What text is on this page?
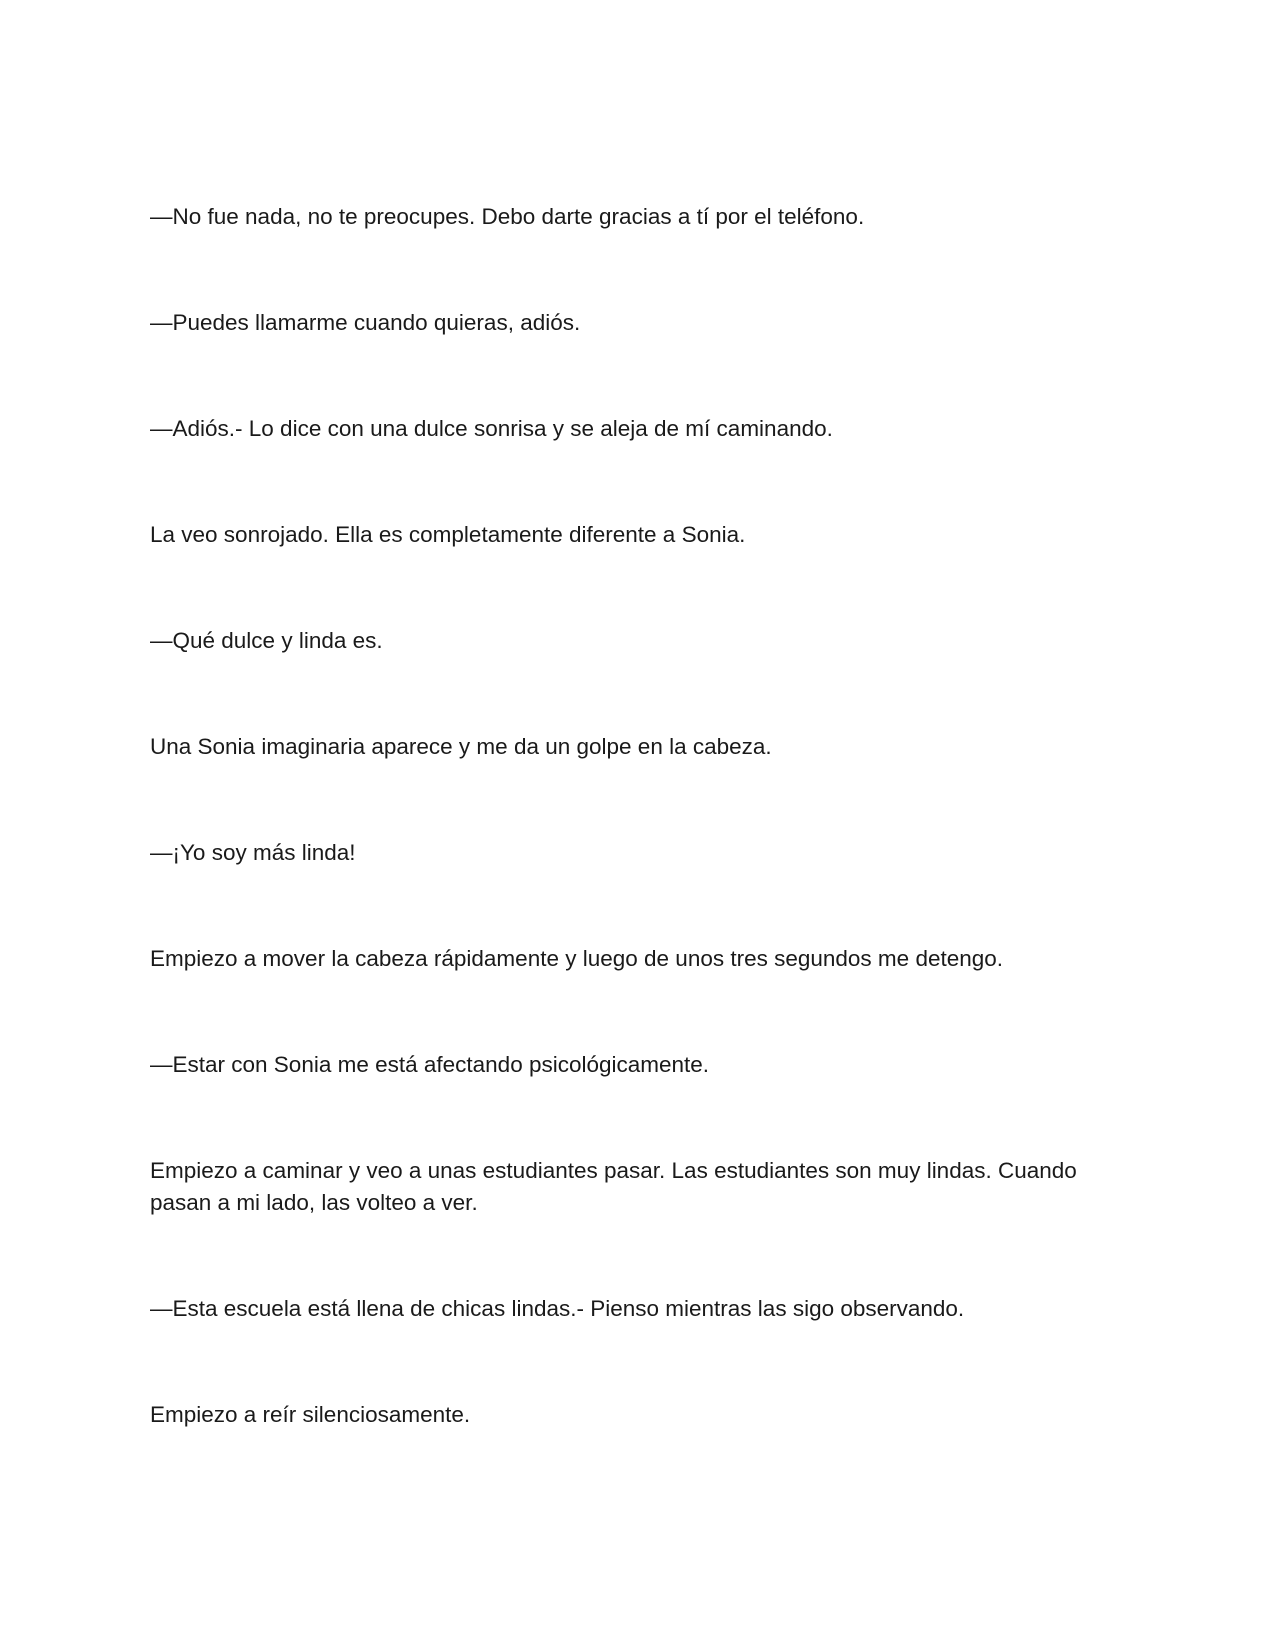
—No fue nada, no te preocupes. Debo darte gracias a tí por el teléfono.

—Puedes llamarme cuando quieras, adiós.

—Adiós.- Lo dice con una dulce sonrisa y se aleja de mí caminando.

La veo sonrojado. Ella es completamente diferente a Sonia.

—Qué dulce y linda es.

Una Sonia imaginaria aparece y me da un golpe en la cabeza.

—¡Yo soy más linda!

Empiezo a mover la cabeza rápidamente y luego de unos tres segundos me detengo.

—Estar con Sonia me está afectando psicológicamente.

Empiezo a caminar y veo a unas estudiantes pasar. Las estudiantes son muy lindas. Cuando pasan a mi lado, las volteo a ver.

—Esta escuela está llena de chicas lindas.- Pienso mientras las sigo observando.

Empiezo a reír silenciosamente.
